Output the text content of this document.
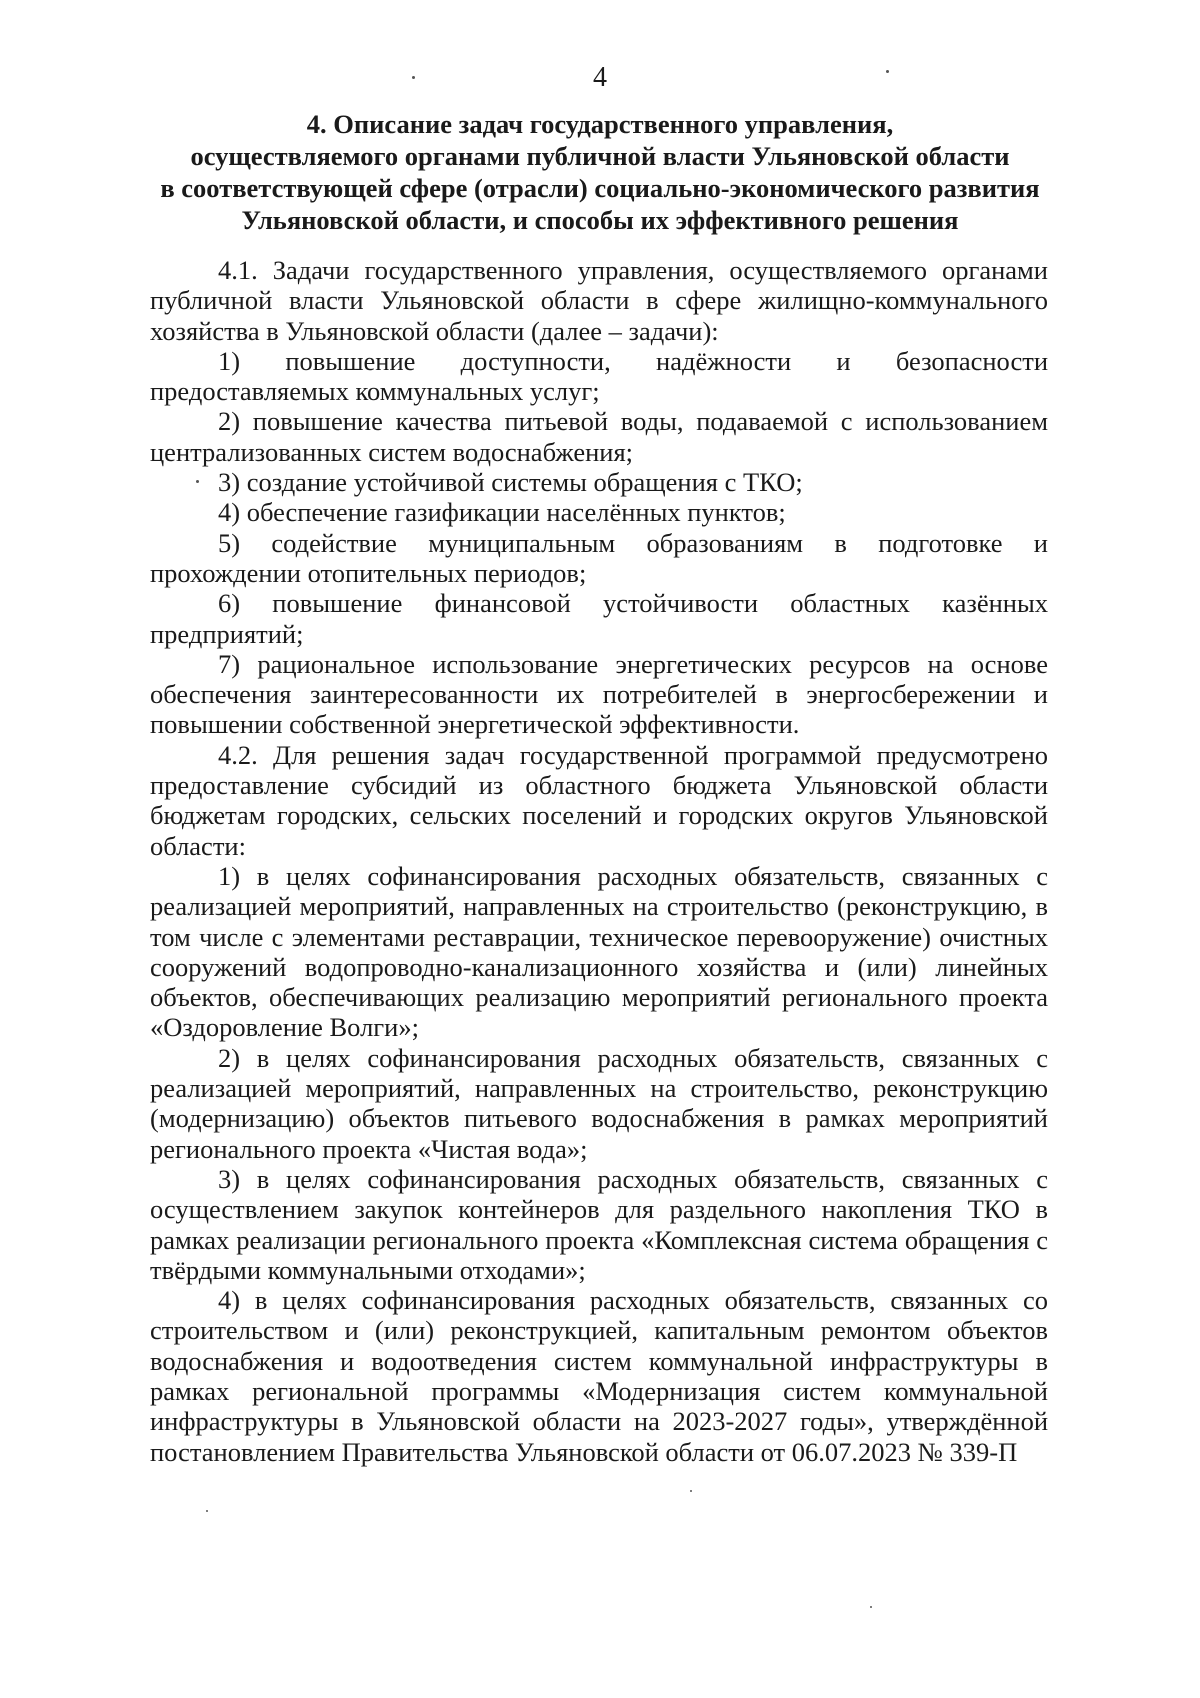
4
4. Описание задач государственного управления,
осуществляемого органами публичной власти Ульяновской области
в соответствующей сфере (отрасли) социально-экономического развития
Ульяновской области, и способы их эффективного решения

4.1. Задачи государственного управления, осуществляемого органами публичной власти Ульяновской области в сфере жилищно-коммунального хозяйства в Ульяновской области (далее – задачи):

1) повышение доступности, надёжности и безопасности предоставляемых коммунальных услуг;

2) повышение качества питьевой воды, подаваемой с использованием централизованных систем водоснабжения;

3) создание устойчивой системы обращения с ТКО;

4) обеспечение газификации населённых пунктов;

5) содействие муниципальным образованиям в подготовке и прохождении отопительных периодов;

6) повышение финансовой устойчивости областных казённых предприятий;

7) рациональное использование энергетических ресурсов на основе обеспечения заинтересованности их потребителей в энергосбережении и повышении собственной энергетической эффективности.

4.2. Для решения задач государственной программой предусмотрено предоставление субсидий из областного бюджета Ульяновской области бюджетам городских, сельских поселений и городских округов Ульяновской области:

1) в целях софинансирования расходных обязательств, связанных с реализацией мероприятий, направленных на строительство (реконструкцию, в том числе с элементами реставрации, техническое перевооружение) очистных сооружений водопроводно-канализационного хозяйства и (или) линейных объектов, обеспечивающих реализацию мероприятий регионального проекта «Оздоровление Волги»;

2) в целях софинансирования расходных обязательств, связанных с реализацией мероприятий, направленных на строительство, реконструкцию (модернизацию) объектов питьевого водоснабжения в рамках мероприятий регионального проекта «Чистая вода»;

3) в целях софинансирования расходных обязательств, связанных с осуществлением закупок контейнеров для раздельного накопления ТКО в рамках реализации регионального проекта «Комплексная система обращения с твёрдыми коммунальными отходами»;

4) в целях софинансирования расходных обязательств, связанных со строительством и (или) реконструкцией, капитальным ремонтом объектов водоснабжения и водоотведения систем коммунальной инфраструктуры в рамках региональной программы «Модернизация систем коммунальной инфраструктуры в Ульяновской области на 2023-2027 годы», утверждённой постановлением Правительства Ульяновской области от 06.07.2023 № 339-П
